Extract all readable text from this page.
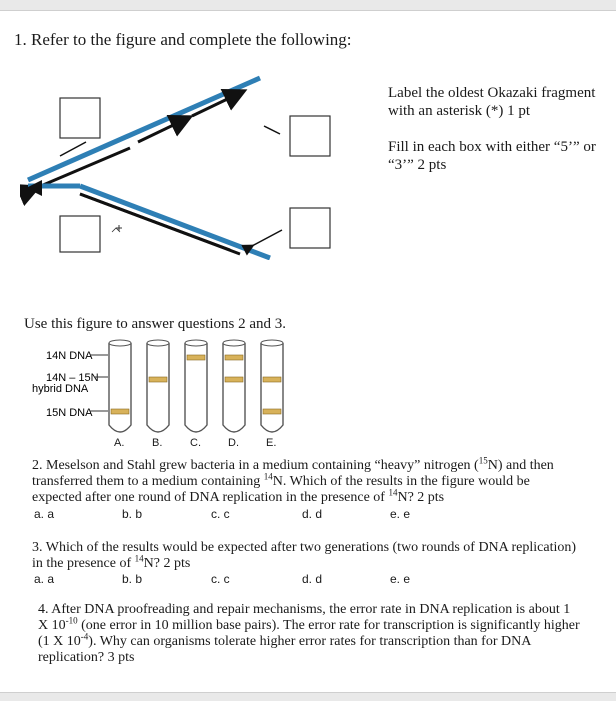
1. Refer to the figure and complete the following:
Label the oldest Okazaki fragment
with an asterisk (*) 1 pt
Fill in each box with either “5’” or
“3’” 2 pts
Use this figure to answer questions 2 and 3.
14N DNA
14N – 15N
hybrid DNA
15N DNA
A.	B.	C. D. E.
2. Meselson and Stahl grew bacteria in a medium containing “heavy” nitrogen ($^{15}$N) and then
transferred them to a medium containing $^{14}$N. Which of the results in the figure would be
expected after one round of DNA replication in the presence of $^{14}$N? 2 pts
a. a	b. b	c. c	d. d	e. e
3. Which of the results would be expected after two generations (two rounds of DNA replication)
in the presence of $^{14}$N? 2 pts
a. a	b. b	c. c	d. d	e. e
4. After DNA proofreading and repair mechanisms, the error rate in DNA replication is about 1
X $10^{-10}$ (one error in 10 million base pairs). The error rate for transcription is significantly higher
(1 X $10^{-4}$). Why can organisms tolerate higher error rates for transcription than for DNA
replication? 3 pts
